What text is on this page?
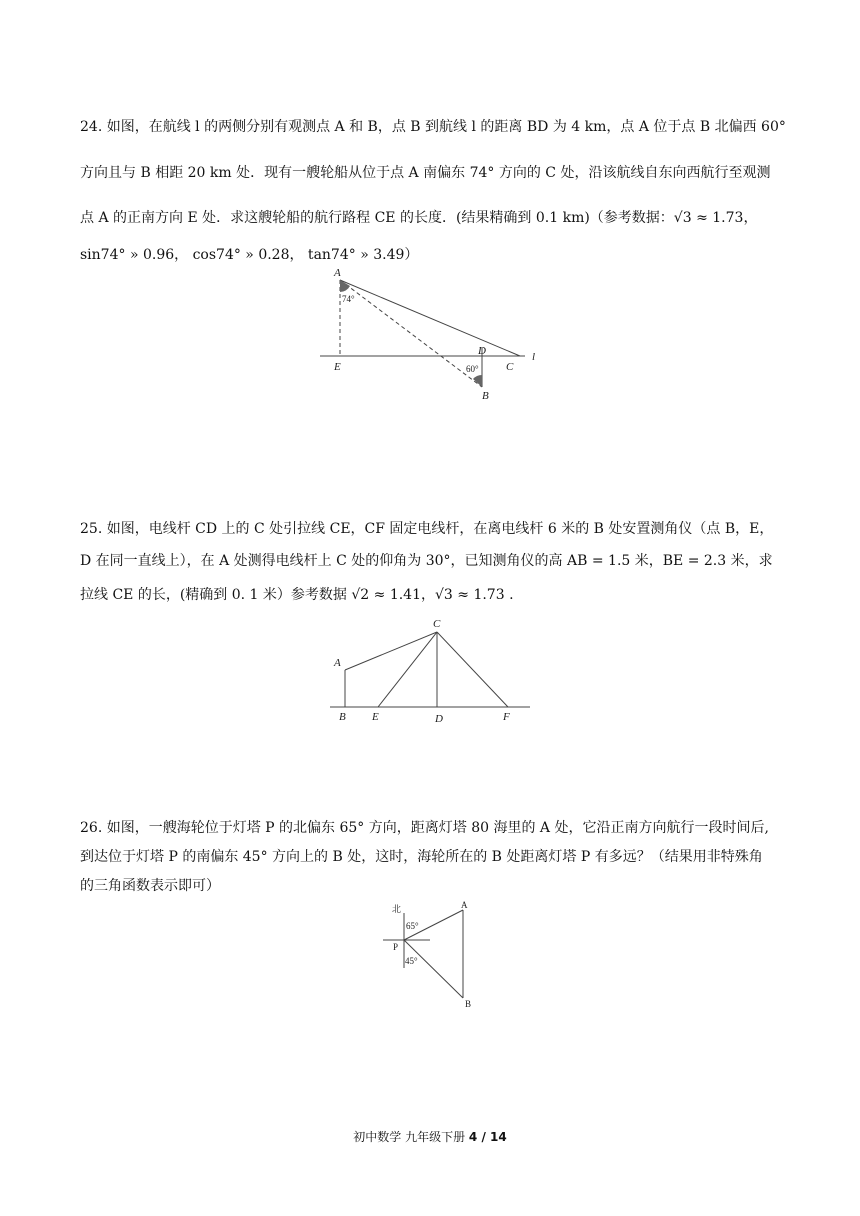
24. 如图，在航线 l 的两侧分别有观测点 A 和 B，点 B 到航线 l 的距离 BD 为 4 km，点 A 位于点 B 北偏西 60°
方向且与 B 相距 20 km 处．现有一艘轮船从位于点 A 南偏东 74° 方向的 C 处，沿该航线自东向西航行至观测
点 A 的正南方向 E 处．求这艘轮船的航行路程 CE 的长度．(结果精确到 0.1 km)（参考数据：√3 ≈ 1.73，
sin74° » 0.96， cos74° » 0.28， tan74° » 3.49）
A
74°
E
D
C
l
60°
B
25. 如图，电线杆 CD 上的 C 处引拉线 CE，CF 固定电线杆，在离电线杆 6 米的 B 处安置测角仪（点 B，E，
D 在同一直线上），在 A 处测得电线杆上 C 处的仰角为 30°，已知测角仪的高 AB = 1.5 米，BE = 2.3 米，求
拉线 CE 的长，(精确到 0. 1 米）参考数据 √2 ≈ 1.41，√3 ≈ 1.73 .
A
C
B E	D	F
26. 如图，一艘海轮位于灯塔 P 的北偏东 65° 方向，距离灯塔 80 海里的 A 处，它沿正南方向航行一段时间后,
到达位于灯塔 P 的南偏东 45° 方向上的 B 处，这时，海轮所在的 B 处距离灯塔 P 有多远？（结果用非特殊角
的三角函数表示即可）
北
65°
P
45°
A
B
初中数学 九年级下册 4 / 14
